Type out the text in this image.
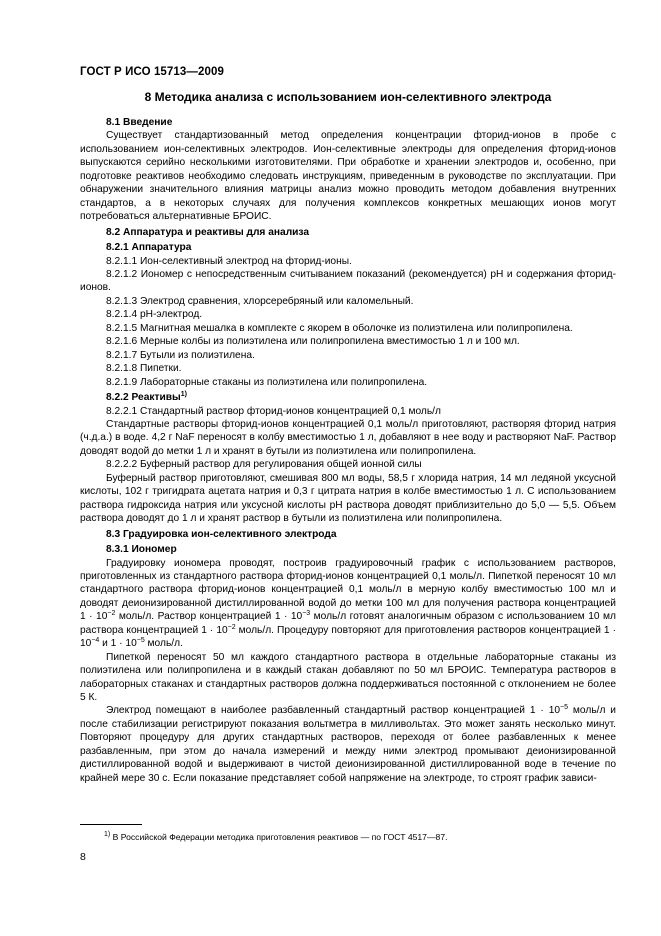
ГОСТ Р ИСО 15713—2009
8 Методика анализа с использованием ион-селективного электрода
8.1 Введение
Существует стандартизованный метод определения концентрации фторид-ионов в пробе с использованием ион-селективных электродов. Ион-селективные электроды для определения фторид-ионов выпускаются серийно несколькими изготовителями. При обработке и хранении электродов и, особенно, при подготовке реактивов необходимо следовать инструкциям, приведенным в руководстве по эксплуатации. При обнаружении значительного влияния матрицы анализ можно проводить методом добавления внутренних стандартов, а в некоторых случаях для получения комплексов конкретных мешающих ионов могут потребоваться альтернативные БРОИС.
8.2 Аппаратура и реактивы для анализа
8.2.1 Аппаратура
8.2.1.1 Ион-селективный электрод на фторид-ионы.
8.2.1.2 Иономер с непосредственным считыванием показаний (рекомендуется) pH и содержания фторид-ионов.
8.2.1.3 Электрод сравнения, хлорсеребряный или каломельный.
8.2.1.4 pH-электрод.
8.2.1.5 Магнитная мешалка в комплекте с якорем в оболочке из полиэтилена или полипропилена.
8.2.1.6 Мерные колбы из полиэтилена или полипропилена вместимостью 1 л и 100 мл.
8.2.1.7 Бутыли из полиэтилена.
8.2.1.8 Пипетки.
8.2.1.9 Лабораторные стаканы из полиэтилена или полипропилена.
8.2.2 Реактивы$^{1)}$
8.2.2.1 Стандартный раствор фторид-ионов концентрацией 0,1 моль/л
Стандартные растворы фторид-ионов концентрацией 0,1 моль/л приготовляют, растворяя фторид натрия (ч.д.а.) в воде. 4,2 г NaF переносят в колбу вместимостью 1 л, добавляют в нее воду и растворяют NaF. Раствор доводят водой до метки 1 л и хранят в бутыли из полиэтилена или полипропилена.
8.2.2.2 Буферный раствор для регулирования общей ионной силы
Буферный раствор приготовляют, смешивая 800 мл воды, 58,5 г хлорида натрия, 14 мл ледяной уксусной кислоты, 102 г тригидрата ацетата натрия и 0,3 г цитрата натрия в колбе вместимостью 1 л. С использованием раствора гидроксида натрия или уксусной кислоты pH раствора доводят приблизительно до 5,0 — 5,5. Объем раствора доводят до 1 л и хранят раствор в бутыли из полиэтилена или полипропилена.
8.3 Градуировка ион-селективного электрода
8.3.1 Иономер
Градуировку иономера проводят, построив градуировочный график с использованием растворов, приготовленных из стандартного раствора фторид-ионов концентрацией 0,1 моль/л. Пипеткой переносят 10 мл стандартного раствора фторид-ионов концентрацией 0,1 моль/л в мерную колбу вместимостью 100 мл и доводят деионизированной дистиллированной водой до метки 100 мл для получения раствора концентрацией $1 \cdot 10^{-2}$ моль/л. Раствор концентрацией $1 \cdot 10^{-3}$ моль/л готовят аналогичным образом с использованием 10 мл раствора концентрацией $1 \cdot 10^{-2}$ моль/л. Процедуру повторяют для приготовления растворов концентрацией $1 \cdot 10^{-4}$ и $1 \cdot 10^{-5}$ моль/л.
Пипеткой переносят 50 мл каждого стандартного раствора в отдельные лабораторные стаканы из полиэтилена или полипропилена и в каждый стакан добавляют по 50 мл БРОИС. Температура растворов в лабораторных стаканах и стандартных растворов должна поддерживаться постоянной с отклонением не более 5 К.
Электрод помещают в наиболее разбавленный стандартный раствор концентрацией $1 \cdot 10^{-5}$ моль/л и после стабилизации регистрируют показания вольтметра в милливольтах. Это может занять несколько минут. Повторяют процедуру для других стандартных растворов, переходя от более разбавленных к менее разбавленным, при этом до начала измерений и между ними электрод промывают деионизированной дистиллированной водой и выдерживают в чистой деионизированной дистиллированной воде в течение по крайней мере 30 с. Если показание представляет собой напряжение на электроде, то строят график зависи-
$^{1)}$ В Российской Федерации методика приготовления реактивов — по ГОСТ 4517—87.
8
